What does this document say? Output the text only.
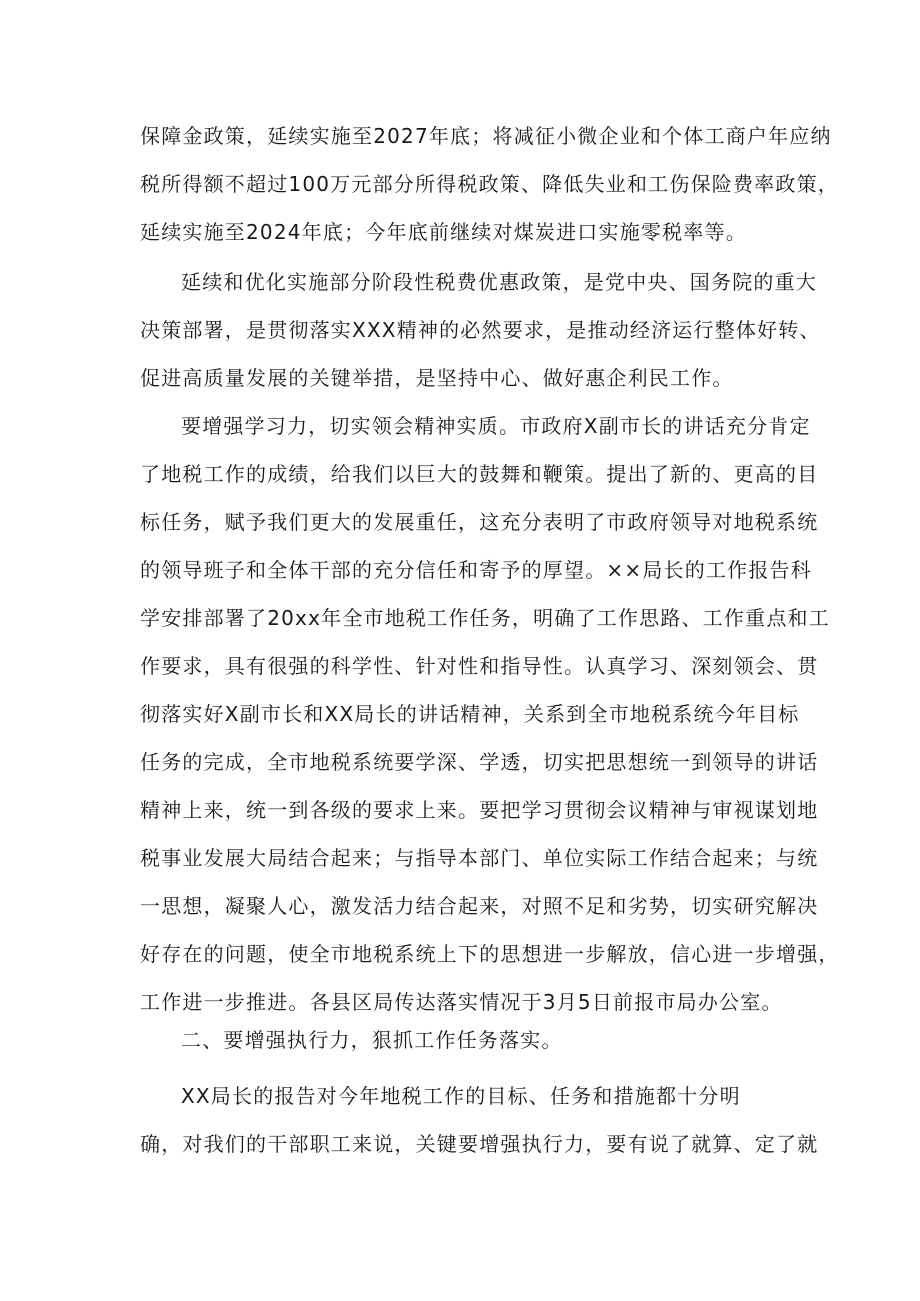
保障金政策，延续实施至2027年底；将减征小微企业和个体工商户年应纳
税所得额不超过100万元部分所得税政策、降低失业和工伤保险费率政策，
延续实施至2024年底；今年底前继续对煤炭进口实施零税率等。
延续和优化实施部分阶段性税费优惠政策，是党中央、国务院的重大
决策部署，是贯彻落实XXX精神的必然要求，是推动经济运行整体好转、
促进高质量发展的关键举措，是坚持中心、做好惠企利民工作。
要增强学习力，切实领会精神实质。市政府X副市长的讲话充分肯定
了地税工作的成绩，给我们以巨大的鼓舞和鞭策。提出了新的、更高的目
标任务，赋予我们更大的发展重任，这充分表明了市政府领导对地税系统
的领导班子和全体干部的充分信任和寄予的厚望。××局长的工作报告科
学安排部署了20xx年全市地税工作任务，明确了工作思路、工作重点和工
作要求，具有很强的科学性、针对性和指导性。认真学习、深刻领会、贯
彻落实好X副市长和XX局长的讲话精神，关系到全市地税系统今年目标
任务的完成，全市地税系统要学深、学透，切实把思想统一到领导的讲话
精神上来，统一到各级的要求上来。要把学习贯彻会议精神与审视谋划地
税事业发展大局结合起来；与指导本部门、单位实际工作结合起来；与统
一思想，凝聚人心，激发活力结合起来，对照不足和劣势，切实研究解决
好存在的问题，使全市地税系统上下的思想进一步解放，信心进一步增强，
工作进一步推进。各县区局传达落实情况于3月5日前报市局办公室。
二、要增强执行力，狠抓工作任务落实。
XX局长的报告对今年地税工作的目标、任务和措施都十分明
确，对我们的干部职工来说，关键要增强执行力，要有说了就算、定了就
